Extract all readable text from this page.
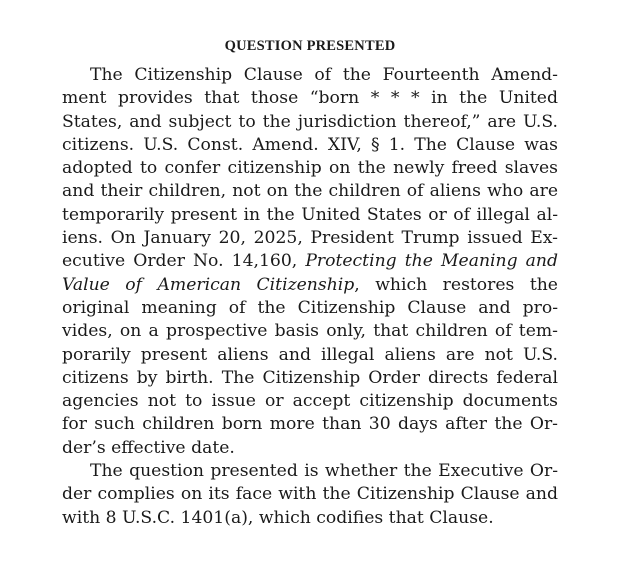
QUESTION PRESENTED
The Citizenship Clause of the Fourteenth Amend-
ment provides that those “born * * * in the United
States, and subject to the jurisdiction thereof,” are U.S.
citizens. U.S. Const. Amend. XIV, § 1. The Clause was
adopted to confer citizenship on the newly freed slaves
and their children, not on the children of aliens who are
temporarily present in the United States or of illegal al-
iens. On January 20, 2025, President Trump issued Ex-
ecutive Order No. 14,160, Protecting the Meaning and
Value of American Citizenship, which restores the
original meaning of the Citizenship Clause and pro-
vides, on a prospective basis only, that children of tem-
porarily present aliens and illegal aliens are not U.S.
citizens by birth. The Citizenship Order directs federal
agencies not to issue or accept citizenship documents
for such children born more than 30 days after the Or-
der’s effective date.
The question presented is whether the Executive Or-
der complies on its face with the Citizenship Clause and
with 8 U.S.C. 1401(a), which codifies that Clause.
